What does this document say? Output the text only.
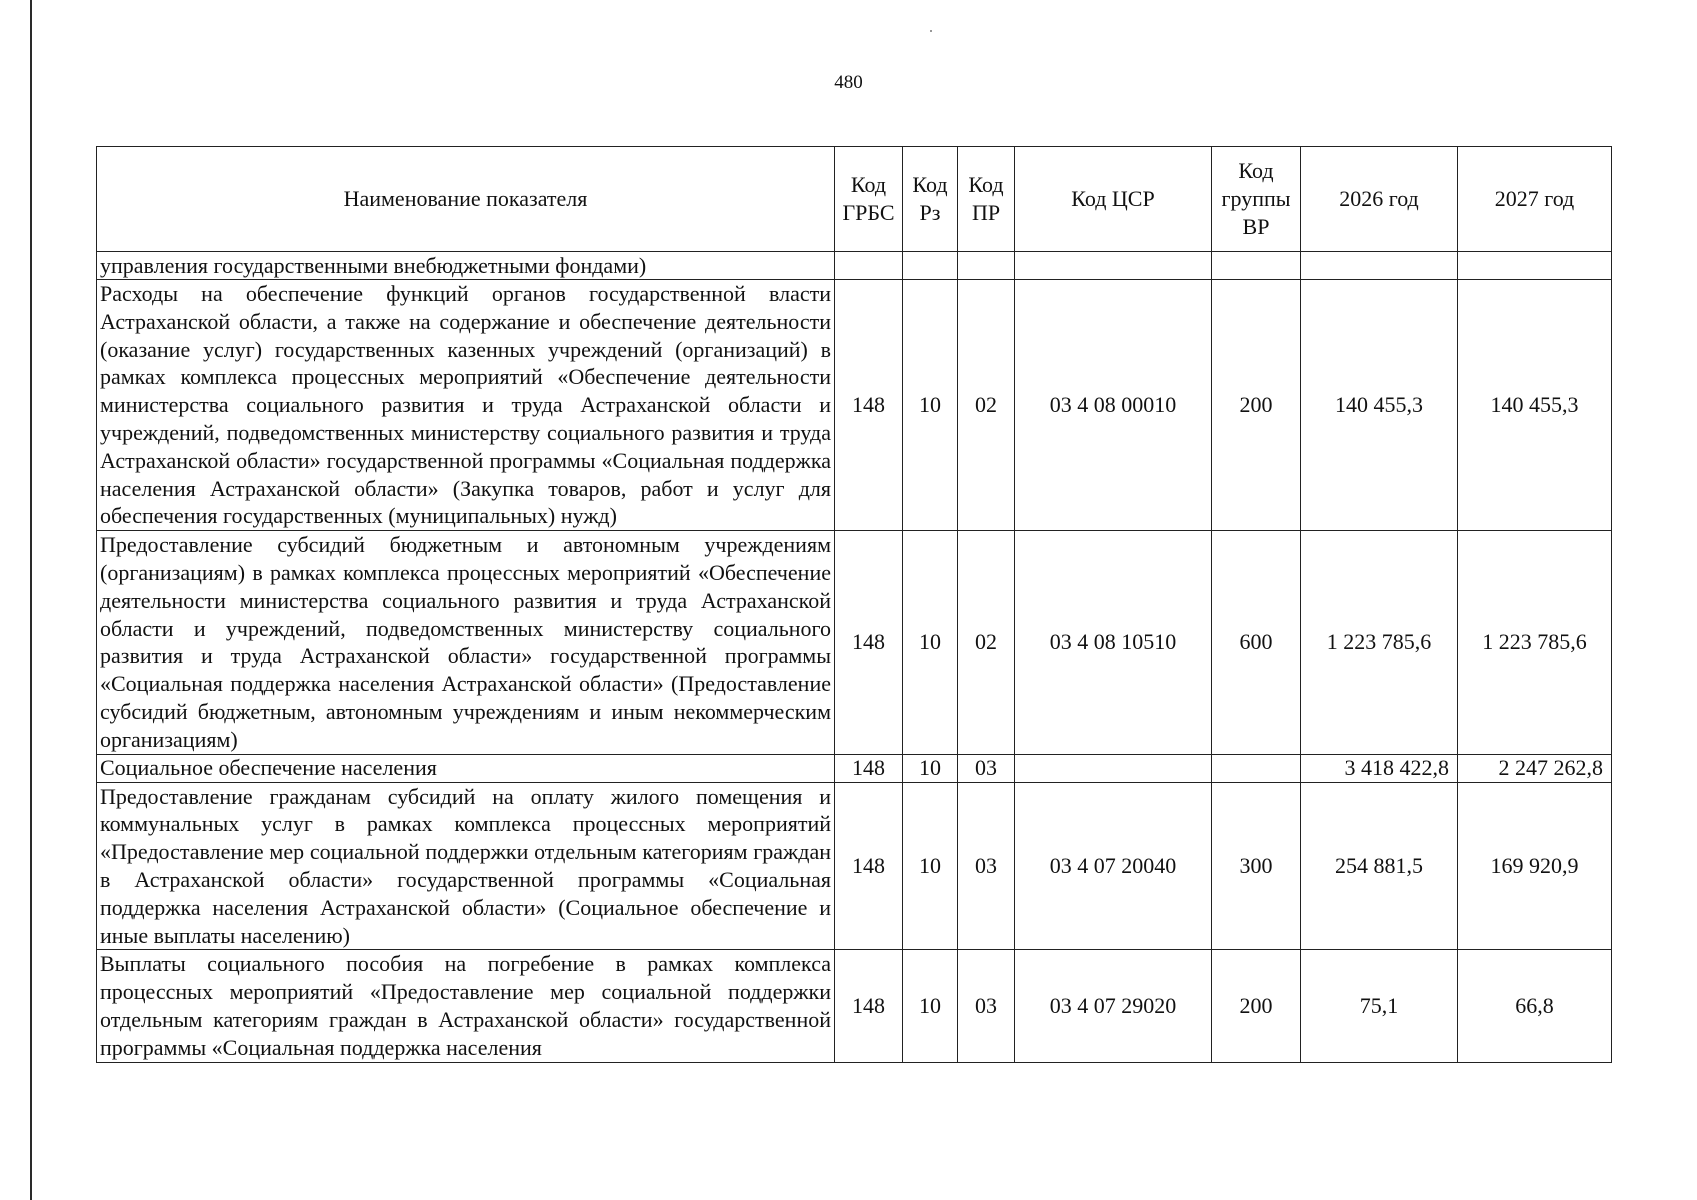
480
Наименование показателя	Код ГРБС	Код Рз	Код ПР	Код ЦСР	Код группы ВР	2026 год	2027 год
управления государственными внебюджетными фондами)							
Расходы на обеспечение функций органов государственной власти Астраханской области, а также на содержание и обеспечение деятельности (оказание услуг) государственных казенных учреждений (организаций) в рамках комплекса процессных мероприятий «Обеспечение деятельности министерства социального развития и труда Астраханской области и учреждений, подведомственных министерству социального развития и труда Астраханской области» государственной программы «Социальная поддержка населения Астраханской области» (Закупка товаров, работ и услуг для обеспечения государственных (муниципальных) нужд)	148	10	02	03 4 08 00010	200	140 455,3	140 455,3
Предоставление субсидий бюджетным и автономным учреждениям (организациям) в рамках комплекса процессных мероприятий «Обеспечение деятельности министерства социального развития и труда Астраханской области и учреждений, подведомственных министерству социального развития и труда Астраханской области» государственной программы «Социальная поддержка населения Астраханской области» (Предоставление субсидий бюджетным, автономным учреждениям и иным некоммерческим организациям)	148	10	02	03 4 08 10510	600	1 223 785,6	1 223 785,6
Социальное обеспечение населения	148	10	03			3 418 422,8	2 247 262,8
Предоставление гражданам субсидий на оплату жилого помещения и коммунальных услуг в рамках комплекса процессных мероприятий «Предоставление мер социальной поддержки отдельным категориям граждан в Астраханской области» государственной программы «Социальная поддержка населения Астраханской области» (Социальное обеспечение и иные выплаты населению)	148	10	03	03 4 07 20040	300	254 881,5	169 920,9
Выплаты социального пособия на погребение в рамках комплекса процессных мероприятий «Предоставление мер социальной поддержки отдельным категориям граждан в Астраханской области» государственной программы «Социальная поддержка населения	148	10	03	03 4 07 29020	200	75,1	66,8
